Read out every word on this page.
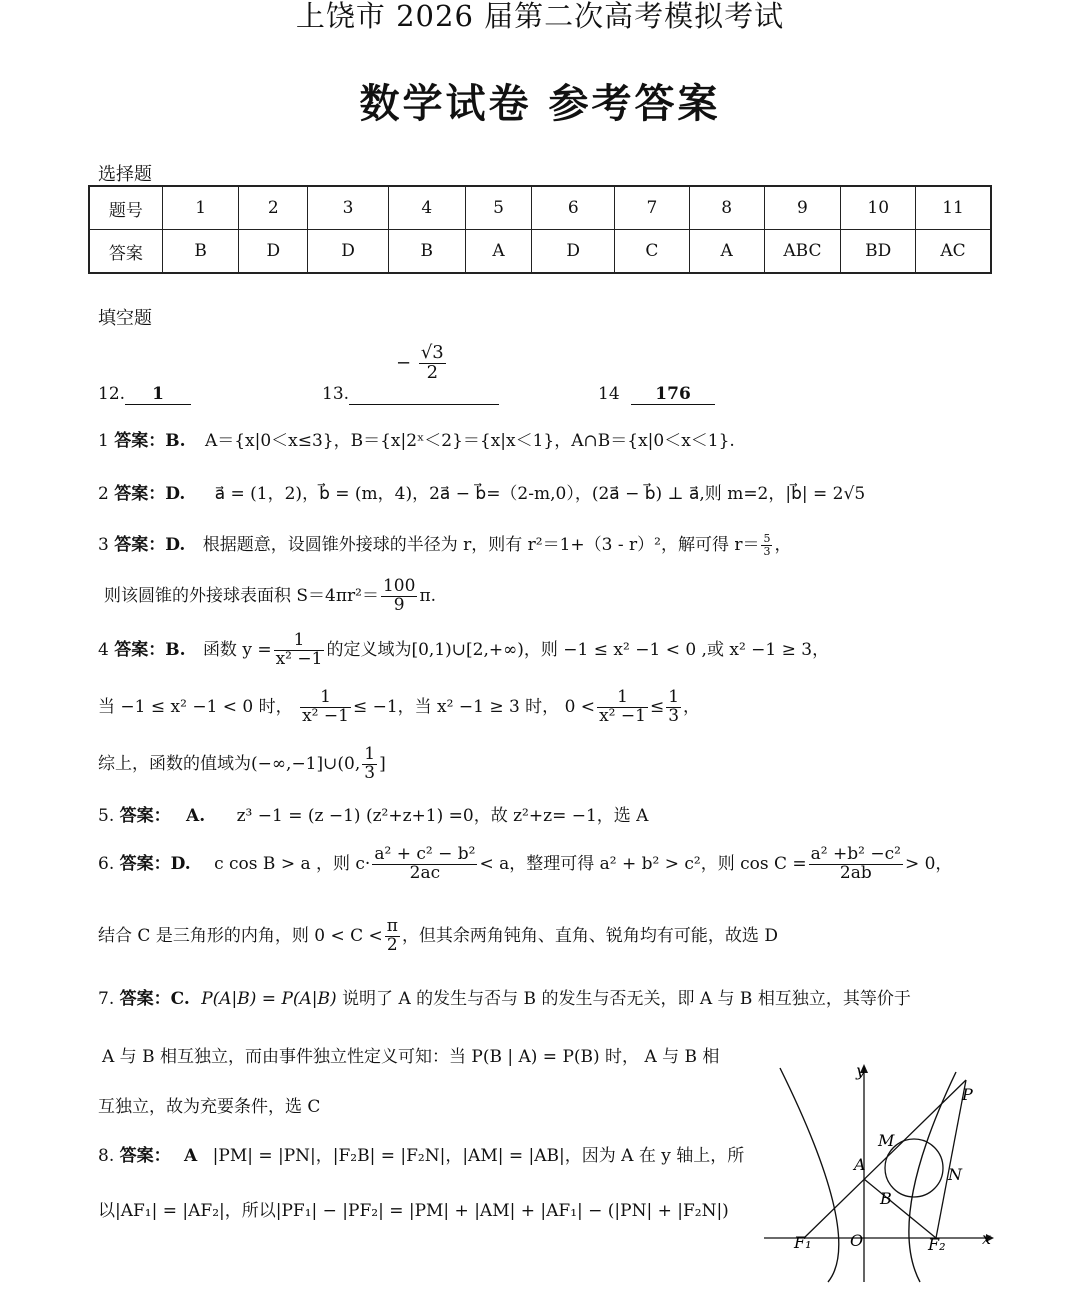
上饶市 2026 届第二次高考模拟考试
数学试卷 参考答案
选择题
题号	1	2	3	4	5	6	7	8	9	10	11
答案	B	D	D	B	A	D	C	A	ABC	BD	AC
填空题
12. 1	13.
− $\frac{√3}{2}$
14 176
1 答案：B. A＝{x|0＜x≤3}，B＝{x|2ˣ＜2}＝{x|x＜1}，A∩B＝{x|0＜x＜1}.
2 答案：D. a⃗ = (1，2)，b⃗ = (m，4)，2a⃗ − b⃗=（2-m,0），(2a⃗ − b⃗) ⊥ a⃗,则 m=2，|b⃗| = 2√5
3 答案：D. 根据题意，设圆锥外接球的半径为 r，则有 r²＝1+（3 - r）²，解可得 $r= \frac{5}{3}$ ，
则该圆锥的外接球表面积 $S=4\pi r^2= \frac{100}{9} \pi$.
4 答案：B. 函数 $y = \frac{1}{\text{x² −1}}$ 的定义域为[0,1)∪[2,+∞)，则 −1 ≤ x² −1 < 0 ,或 x² −1 ≥ 3，
当 −1 ≤ x² −1 < 0 时， $\frac{1}{\text{x² −1}} \le -1$，当 x² −1 ≥ 3 时， $0 < \frac{1}{\text{x² −1}} \le \frac{1}{3}$ ，
综上，函数的值域为(−∞,−1]∪(0, $\frac{1}{3}$ ]
5. 答案： A. z³ −1 = (z −1) (z²+z+1) =0，故 z²+z= −1，选 A
6. 答案：D. c cos B > a ，则 $c\cdot \frac{\text{a² + c² − b²}}{2ac} < a$，整理可得 a² + b² > c²，则 $\cos C = \frac{\text{a² +b² −c²}}{2ab} > 0$，
结合 C 是三角形的内角，则 $0 < C < \frac{\pi}{2}$ ，但其余两角钝角、直角、锐角均有可能，故选 D
7. 答案：C. P(A|B) = P(A|B) 说明了 A 的发生与否与 B 的发生与否无关，即 A 与 B 相互独立，其等价于
A 与 B 相互独立，而由事件独立性定义可知：当 P(B | A) = P(B) 时， A 与 B 相
互独立，故为充要条件，选 C
8. 答案： A |PM| = |PN|，|F₂B| = |F₂N|，|AM| = |AB|，因为 A 在 y 轴上，所
以|AF₁| = |AF₂|，所以|PF₁| − |PF₂| = |PM| + |AM| + |AF₁| − (|PN| + |F₂N|)
y
x
O
F₁	F₂
P
M
A
N
B
